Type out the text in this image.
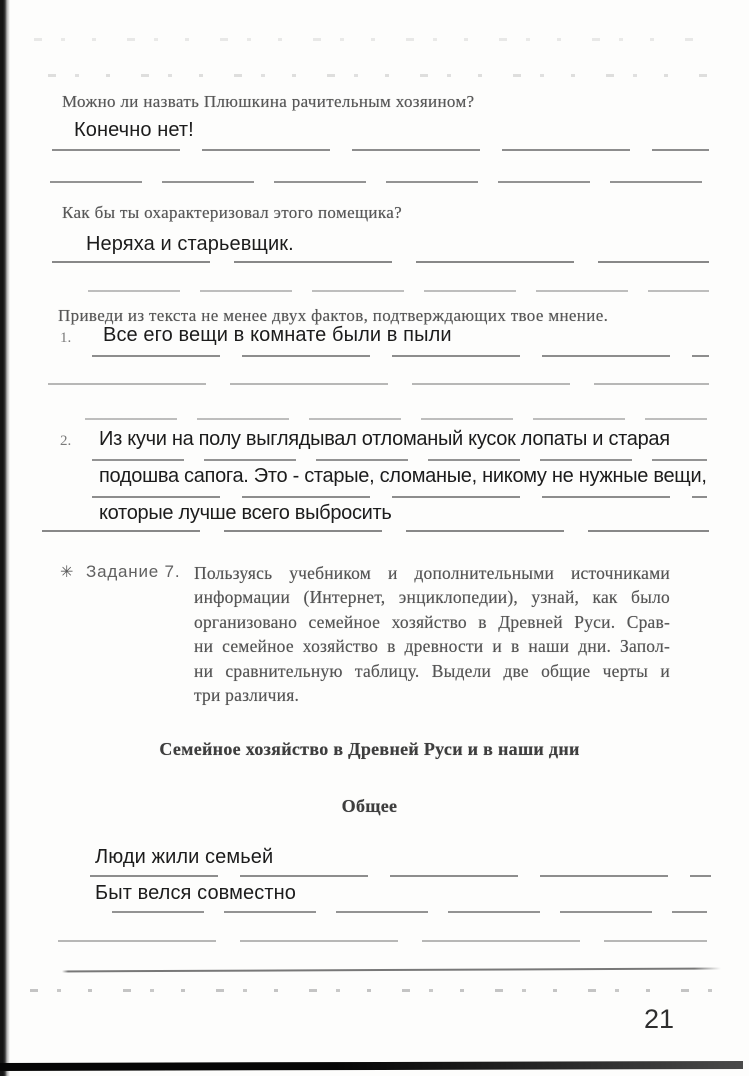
Можно ли назвать Плюшкина рачительным хозяином?
Конечно нет!
Как бы ты охарактеризовал этого помещика?
Неряха и старьевщик.
Приведи из текста не менее двух фактов, подтверждающих твое мнение.
1. Все его вещи в комнате были в пыли
2. Из кучи на полу выглядывал отломаный кусок лопаты и старая
подошва сапога. Это - старые, сломаные, никому не нужные вещи,
которые лучше всего выбросить
✳ Задание 7. Пользуясь учебником и дополнительными источниками
информации (Интернет, энциклопедии), узнай, как было
организовано семейное хозяйство в Древней Руси. Срав-
ни семейное хозяйство в древности и в наши дни. Запол-
ни сравнительную таблицу. Выдели две общие черты и
три различия.
Семейное хозяйство в Древней Руси и в наши дни
Общее
Люди жили семьей
Быт велся совместно
21
